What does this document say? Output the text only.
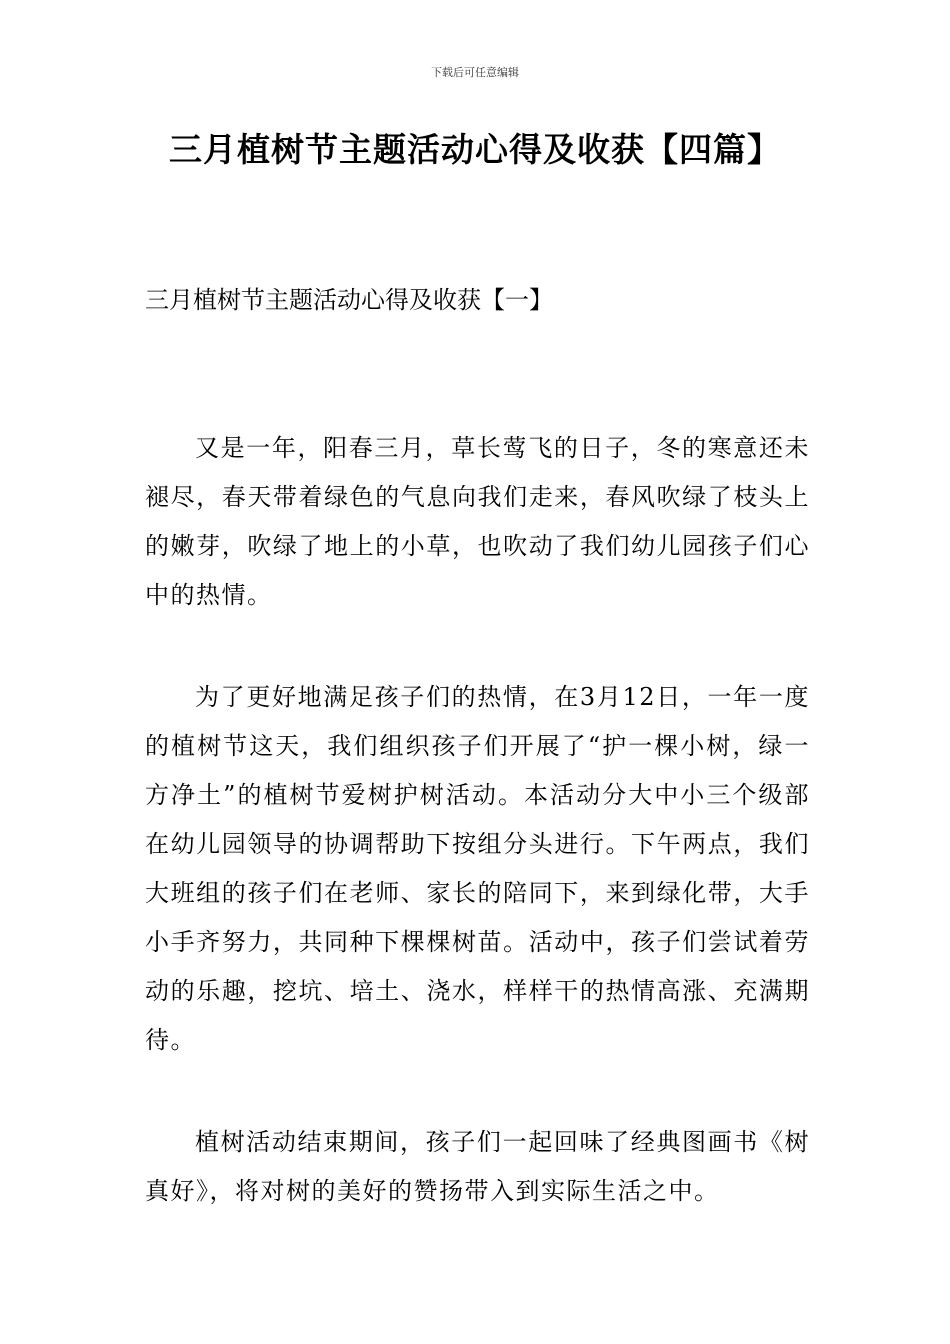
下载后可任意编辑
三月植树节主题活动心得及收获【四篇】
三月植树节主题活动心得及收获【一】

又是一年，阳春三月，草长莺飞的日子，冬的寒意还未褪尽，春天带着绿色的气息向我们走来，春风吹绿了枝头上的嫩芽，吹绿了地上的小草，也吹动了我们幼儿园孩子们心中的热情。

为了更好地满足孩子们的热情，在3月12日，一年一度的植树节这天，我们组织孩子们开展了“护一棵小树，绿一方净土”的植树节爱树护树活动。本活动分大中小三个级部在幼儿园领导的协调帮助下按组分头进行。下午两点，我们大班组的孩子们在老师、家长的陪同下，来到绿化带，大手小手齐努力，共同种下棵棵树苗。活动中，孩子们尝试着劳动的乐趣，挖坑、培土、浇水，样样干的热情高涨、充满期待。

植树活动结束期间，孩子们一起回味了经典图画书《树真好》，将对树的美好的赞扬带入到实际生活之中。
